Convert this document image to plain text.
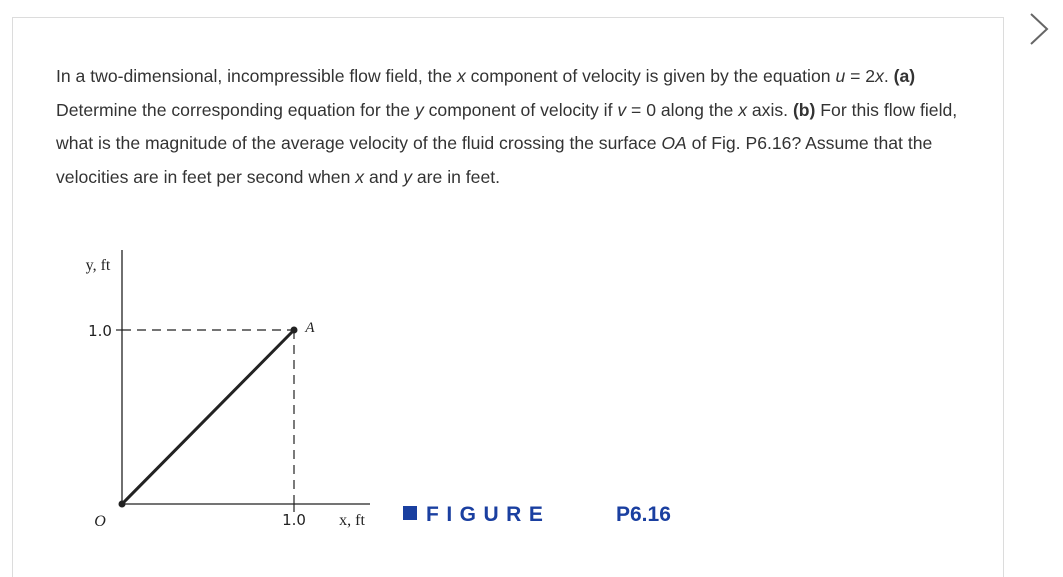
In a two-dimensional, incompressible flow field, the x component of velocity is given by the equation u = 2x. (a) Determine the corresponding equation for the y component of velocity if v = 0 along the x axis. (b) For this flow field, what is the magnitude of the average velocity of the fluid crossing the surface OA of Fig. P6.16? Assume that the velocities are in feet per second when x and y are in feet.

y, ft
1.0
1.0 x, ft
O
A
FIGURE	P6.16
